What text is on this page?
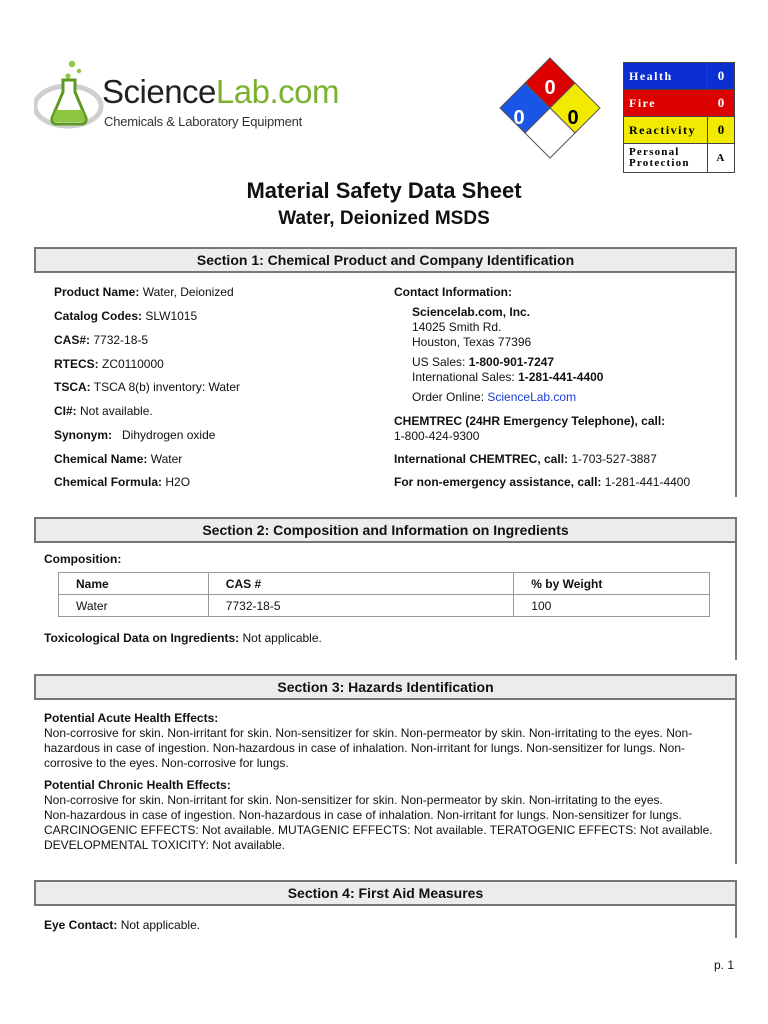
ScienceLab.com
Chemicals & Laboratory Equipment
0
0 0
Health	0
Fire	0
Reactivity	0
Personal
Protection	A
Material Safety Data Sheet
Water, Deionized MSDS
Section 1: Chemical Product and Company Identification
Product Name: Water, Deionized
Catalog Codes: SLW1015
CAS#: 7732-18-5
RTECS: ZC0110000
TSCA: TSCA 8(b) inventory: Water
CI#: Not available.
Synonym:   Dihydrogen oxide
Chemical Name: Water
Chemical Formula: H2O
Contact Information:
Sciencelab.com, Inc.
14025 Smith Rd.
Houston, Texas 77396
US Sales: 1-800-901-7247
International Sales: 1-281-441-4400
Order Online: ScienceLab.com
CHEMTREC (24HR Emergency Telephone), call:
1-800-424-9300
International CHEMTREC, call: 1-703-527-3887
For non-emergency assistance, call: 1-281-441-4400
Section 2: Composition and Information on Ingredients
Composition:
Name	CAS #	% by Weight
Water	7732-18-5	100
Toxicological Data on Ingredients: Not applicable.
Section 3: Hazards Identification
Potential Acute Health Effects:
Non-corrosive for skin. Non-irritant for skin. Non-sensitizer for skin. Non-permeator by skin. Non-irritating to the eyes. Non-
hazardous in case of ingestion. Non-hazardous in case of inhalation. Non-irritant for lungs. Non-sensitizer for lungs. Non-
corrosive to the eyes. Non-corrosive for lungs.
Potential Chronic Health Effects:
Non-corrosive for skin. Non-irritant for skin. Non-sensitizer for skin. Non-permeator by skin. Non-irritating to the eyes.
Non-hazardous in case of ingestion. Non-hazardous in case of inhalation. Non-irritant for lungs. Non-sensitizer for lungs.
CARCINOGENIC EFFECTS: Not available. MUTAGENIC EFFECTS: Not available. TERATOGENIC EFFECTS: Not available.
DEVELOPMENTAL TOXICITY: Not available.
Section 4: First Aid Measures
Eye Contact: Not applicable.
p. 1
